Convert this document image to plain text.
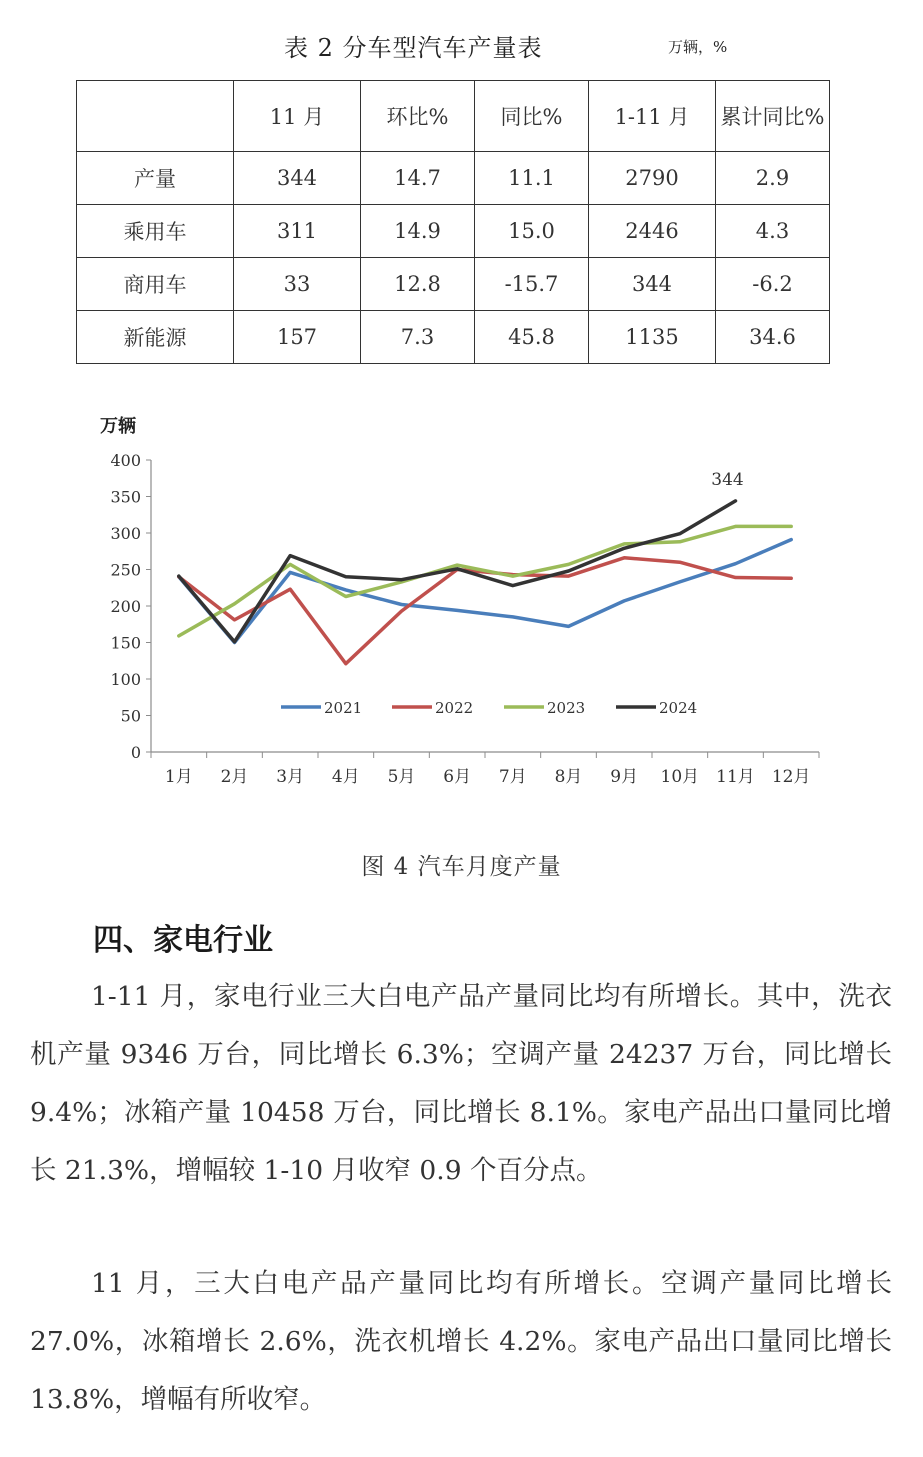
表 2 分车型汽车产量表	万辆，%
	11 月	环比%	同比%	1-11 月	累计同比%
产量	344	14.7	11.1	2790	2.9
乘用车	311	14.9	15.0	2446	4.3
商用车	33	12.8	-15.7	344	-6.2
新能源	157	7.3	45.8	1135	34.6
万辆
0
50
100
150
200
250
300
350
400
1月 2月 3月 4月 5月 6月 7月 8月 9月 10月 11月 12月
344
2021	2022	2023	2024
图 4 汽车月度产量
四、家电行业

1-11 月，家电行业三大白电产品产量同比均有所增长。其中，洗衣机产量 9346 万台，同比增长 6.3%；空调产量 24237 万台，同比增长 9.4%；冰箱产量 10458 万台，同比增长 8.1%。家电产品出口量同比增长 21.3%，增幅较 1-10 月收窄 0.9 个百分点。

11 月，三大白电产品产量同比均有所增长。空调产量同比增长 27.0%，冰箱增长 2.6%，洗衣机增长 4.2%。家电产品出口量同比增长 13.8%，增幅有所收窄。
